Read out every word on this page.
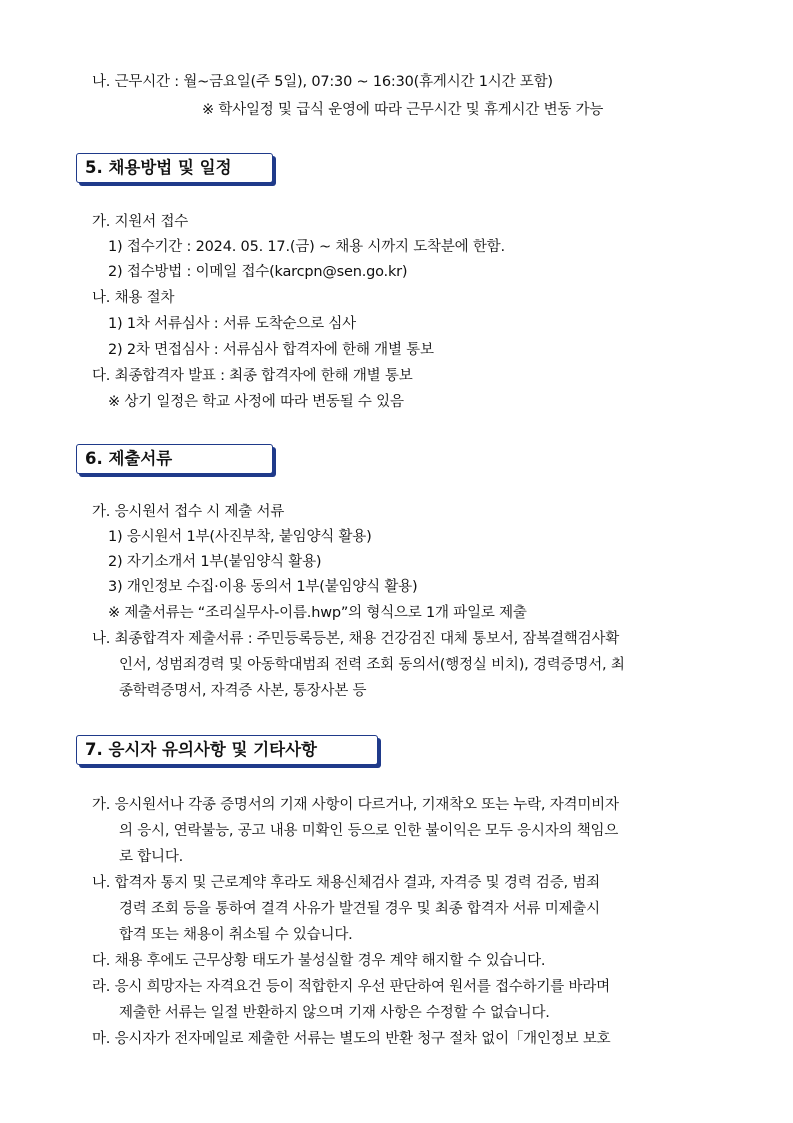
나. 근무시간 : 월~금요일(주 5일), 07:30 ~ 16:30(휴게시간 1시간 포함)
※ 학사일정 및 급식 운영에 따라 근무시간 및 휴게시간 변동 가능
5. 채용방법 및 일정
가. 지원서 접수
1) 접수기간 : 2024. 05. 17.(금) ~ 채용 시까지 도착분에 한함.
2) 접수방법 : 이메일 접수(karcpn@sen.go.kr)
나. 채용 절차
1) 1차 서류심사 : 서류 도착순으로 심사
2) 2차 면접심사 : 서류심사 합격자에 한해 개별 통보
다. 최종합격자 발표 : 최종 합격자에 한해 개별 통보
※ 상기 일정은 학교 사정에 따라 변동될 수 있음
6. 제출서류
가. 응시원서 접수 시 제출 서류
1) 응시원서 1부(사진부착, 붙임양식 활용)
2) 자기소개서 1부(붙임양식 활용)
3) 개인정보 수집·이용 동의서 1부(붙임양식 활용)
※ 제출서류는 “조리실무사-이름.hwp”의 형식으로 1개 파일로 제출
나. 최종합격자 제출서류 : 주민등록등본, 채용 건강검진 대체 통보서, 잠복결핵검사확
인서, 성범죄경력 및 아동학대범죄 전력 조회 동의서(행정실 비치), 경력증명서, 최
종학력증명서, 자격증 사본, 통장사본 등
7. 응시자 유의사항 및 기타사항
가. 응시원서나 각종 증명서의 기재 사항이 다르거나, 기재착오 또는 누락, 자격미비자
의 응시, 연락불능, 공고 내용 미확인 등으로 인한 불이익은 모두 응시자의 책임으
로 합니다.
나. 합격자 통지 및 근로계약 후라도 채용신체검사 결과, 자격증 및 경력 검증, 범죄
경력 조회 등을 통하여 결격 사유가 발견될 경우 및 최종 합격자 서류 미제출시
합격 또는 채용이 취소될 수 있습니다.
다. 채용 후에도 근무상황 태도가 불성실할 경우 계약 해지할 수 있습니다.
라. 응시 희망자는 자격요건 등이 적합한지 우선 판단하여 원서를 접수하기를 바라며
제출한 서류는 일절 반환하지 않으며 기재 사항은 수정할 수 없습니다.
마. 응시자가 전자메일로 제출한 서류는 별도의 반환 청구 절차 없이「개인정보 보호
